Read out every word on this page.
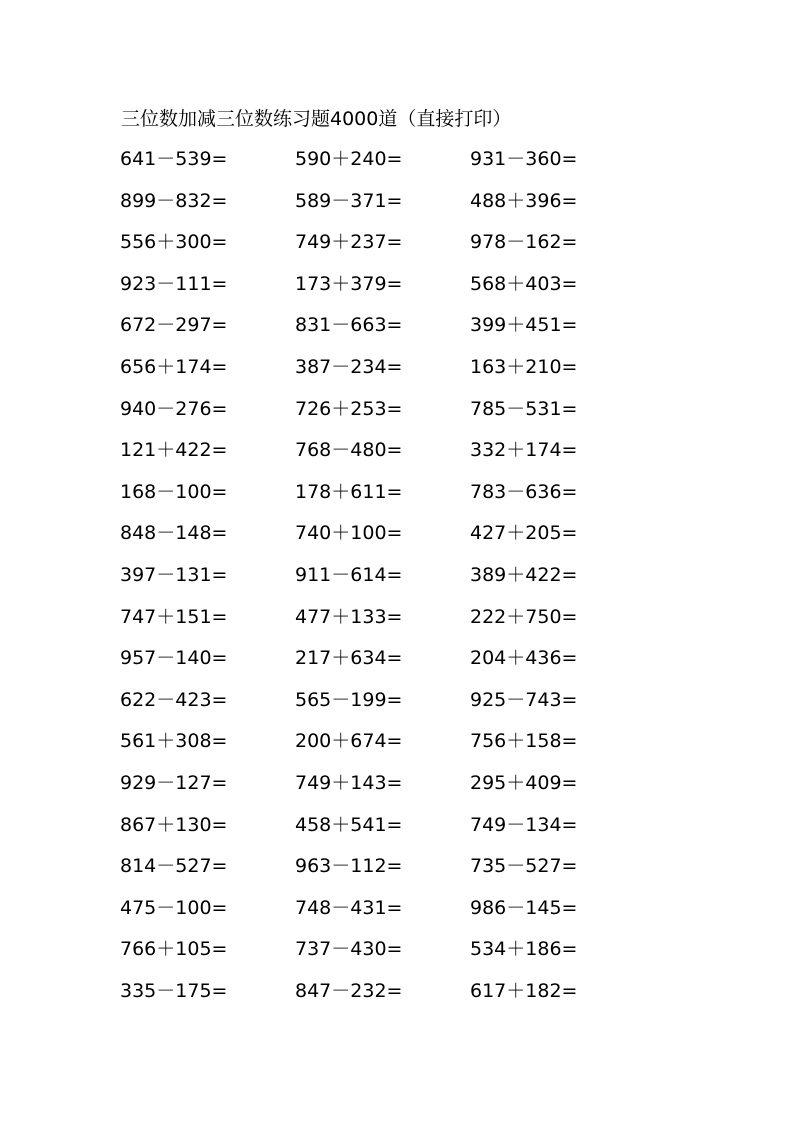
三位数加减三位数练习题4000道（直接打印）
641－539=	590＋240=	931－360=
899－832=	589－371=	488＋396=
556＋300=	749＋237=	978－162=
923－111=	173＋379=	568＋403=
672－297=	831－663=	399＋451=
656＋174=	387－234=	163＋210=
940－276=	726＋253=	785－531=
121＋422=	768－480=	332＋174=
168－100=	178＋611=	783－636=
848－148=	740＋100=	427＋205=
397－131=	911－614=	389＋422=
747＋151=	477＋133=	222＋750=
957－140=	217＋634=	204＋436=
622－423=	565－199=	925－743=
561＋308=	200＋674=	756＋158=
929－127=	749＋143=	295＋409=
867＋130=	458＋541=	749－134=
814－527=	963－112=	735－527=
475－100=	748－431=	986－145=
766＋105=	737－430=	534＋186=
335－175=	847－232=	617＋182=
